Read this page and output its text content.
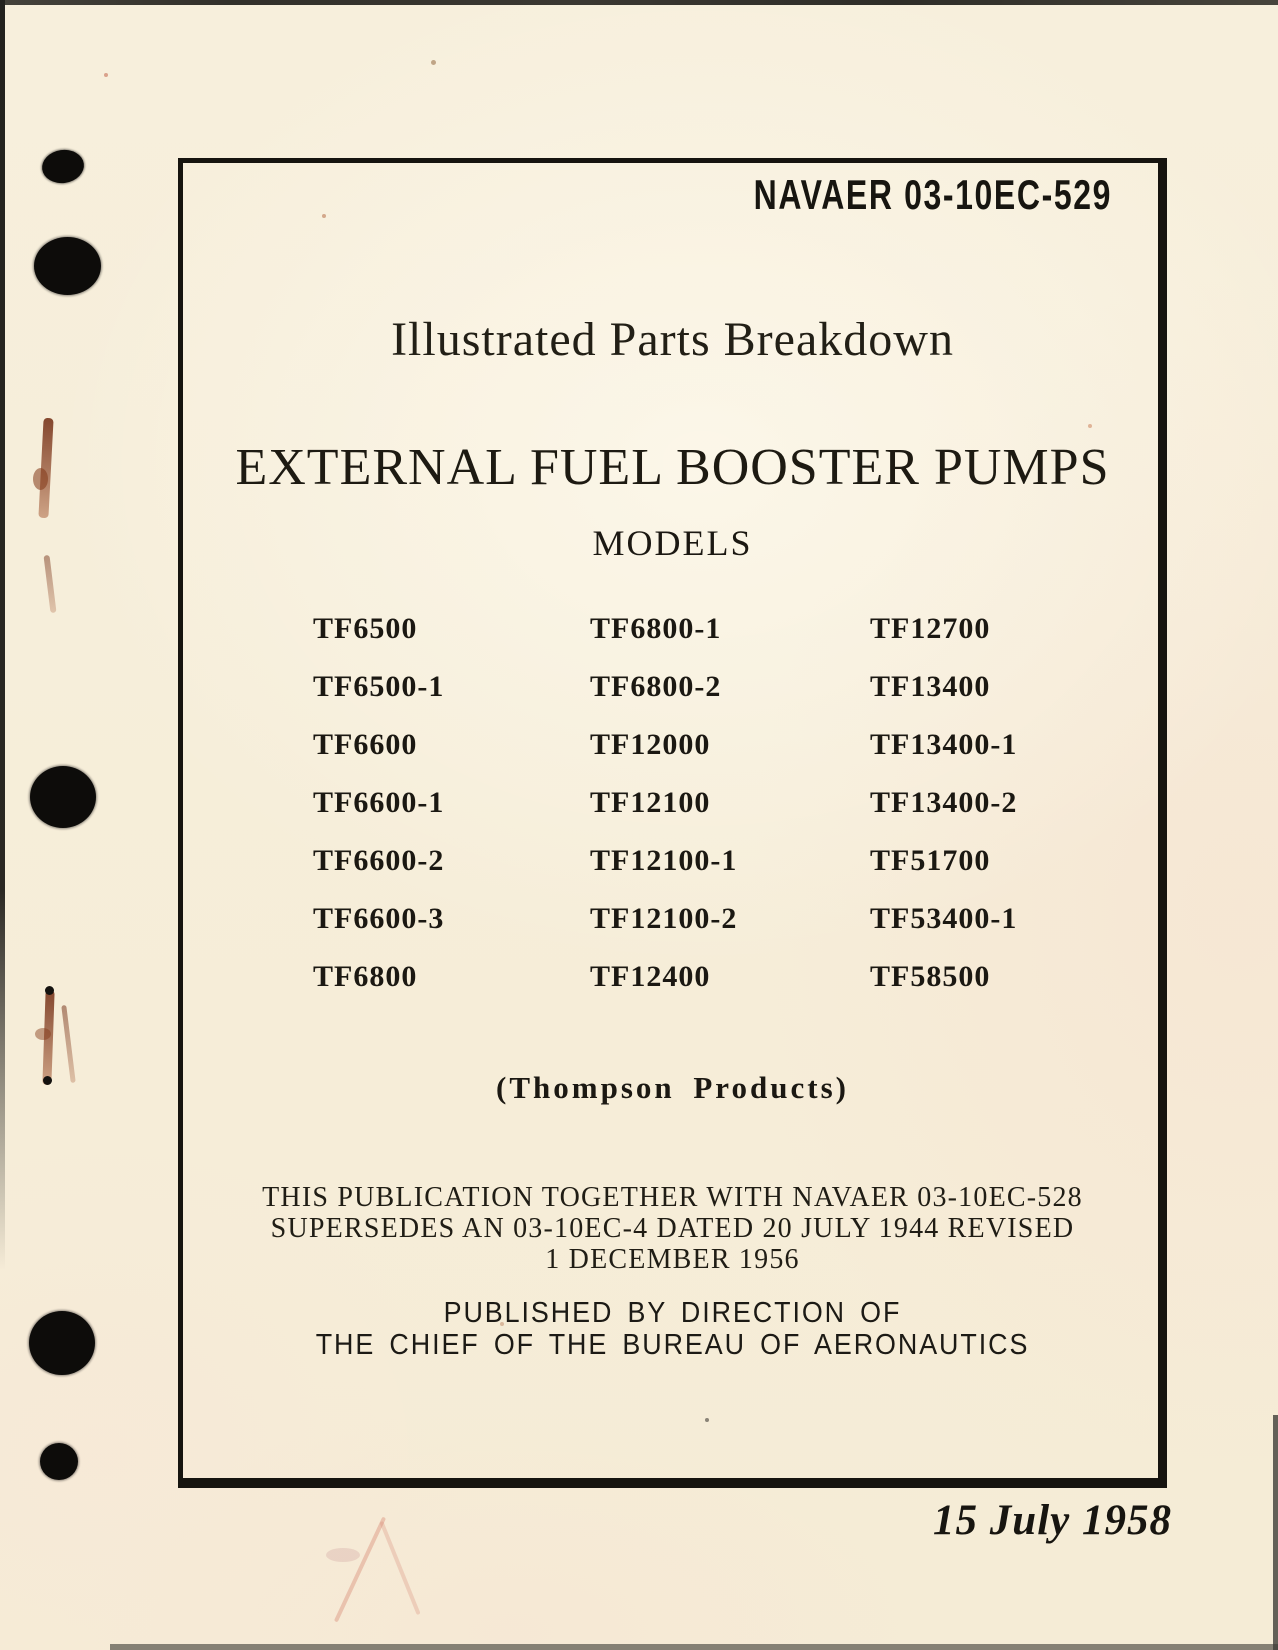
NAVAER 03-10EC-529
Illustrated Parts Breakdown
EXTERNAL FUEL BOOSTER PUMPS
MODELS
TF6500
TF6500-1
TF6600
TF6600-1
TF6600-2
TF6600-3
TF6800
TF6800-1
TF6800-2
TF12000
TF12100
TF12100-1
TF12100-2
TF12400
TF12700
TF13400
TF13400-1
TF13400-2
TF51700
TF53400-1
TF58500
(Thompson Products)
THIS PUBLICATION TOGETHER WITH NAVAER 03-10EC-528
SUPERSEDES AN 03-10EC-4 DATED 20 JULY 1944 REVISED
1 DECEMBER 1956
PUBLISHED BY DIRECTION OF
THE CHIEF OF THE BUREAU OF AERONAUTICS
15 July 1958
